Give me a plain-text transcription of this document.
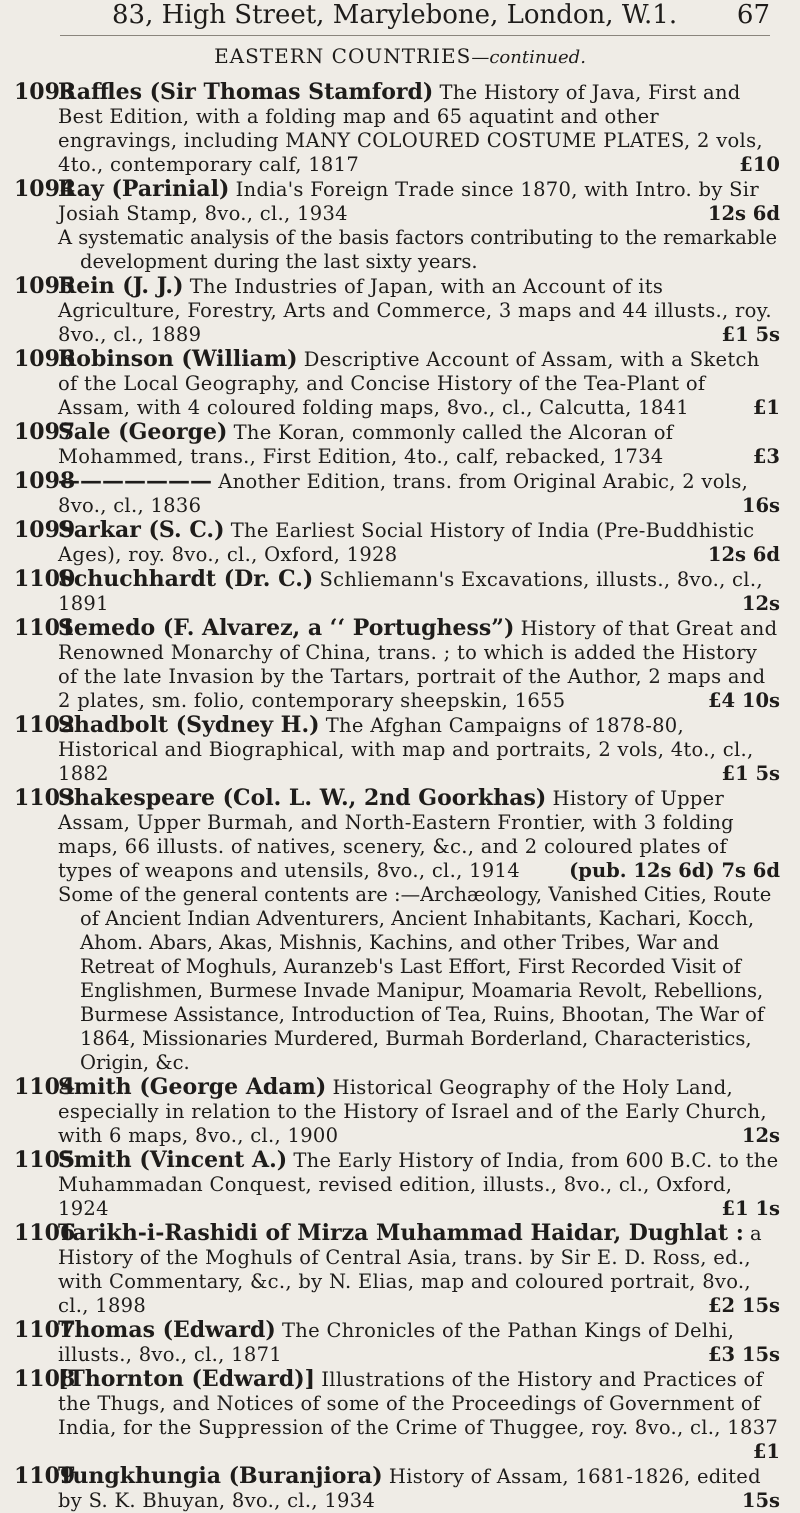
83, High Street, Marylebone, London, W.1. 67
EASTERN COUNTRIES—continued.
1093
Raffles (Sir Thomas Stamford) The History of Java, First and Best Edition, with a folding map and 65 aquatint and other engravings, including MANY COLOURED COSTUME PLATES, 2 vols, 4to., contemporary calf, 1817	£10
1094
Ray (Parinial) India's Foreign Trade since 1870, with Intro. by Sir Josiah Stamp, 8vo., cl., 1934	12s 6d
A systematic analysis of the basis factors contributing to the remarkable development during the last sixty years.
1095
Rein (J. J.) The Industries of Japan, with an Account of its Agriculture, Forestry, Arts and Commerce, 3 maps and 44 illusts., roy. 8vo., cl., 1889	£1 5s
1096
Robinson (William) Descriptive Account of Assam, with a Sketch of the Local Geography, and Concise History of the Tea-Plant of Assam, with 4 coloured folding maps, 8vo., cl., Calcutta, 1841	£1
1097
Sale (George) The Koran, commonly called the Alcoran of Mohammed, trans., First Edition, 4to., calf, rebacked, 1734	£3
1098
——————— Another Edition, trans. from Original Arabic, 2 vols, 8vo., cl., 1836	16s
1099
Sarkar (S. C.) The Earliest Social History of India (Pre-Buddhistic Ages), roy. 8vo., cl., Oxford, 1928	12s 6d
1100
Schuchhardt (Dr. C.) Schliemann's Excavations, illusts., 8vo., cl., 1891	12s
1101
Semedo (F. Alvarez, a ‘‘ Portughess”) History of that Great and Renowned Monarchy of China, trans. ; to which is added the History of the late Invasion by the Tartars, portrait of the Author, 2 maps and 2 plates, sm. folio, contemporary sheepskin, 1655	£4 10s
1102
Shadbolt (Sydney H.) The Afghan Campaigns of 1878-80, Historical and Biographical, with map and portraits, 2 vols, 4to., cl., 1882	£1 5s
1103
Shakespeare (Col. L. W., 2nd Goorkhas) History of Upper Assam, Upper Burmah, and North-Eastern Frontier, with 3 folding maps, 66 illusts. of natives, scenery, &c., and 2 coloured plates of types of weapons and utensils, 8vo., cl., 1914	(pub. 12s 6d) 7s 6d
Some of the general contents are :—Archæology, Vanished Cities, Route of Ancient Indian Adventurers, Ancient Inhabitants, Kachari, Kocch, Ahom. Abars, Akas, Mishnis, Kachins, and other Tribes, War and Retreat of Moghuls, Auranzeb's Last Effort, First Recorded Visit of Englishmen, Burmese Invade Manipur, Moamaria Revolt, Rebellions, Burmese Assistance, Introduction of Tea, Ruins, Bhootan, The War of 1864, Missionaries Murdered, Burmah Borderland, Characteristics, Origin, &c.
1104
Smith (George Adam) Historical Geography of the Holy Land, especially in relation to the History of Israel and of the Early Church, with 6 maps, 8vo., cl., 1900	12s
1105
Smith (Vincent A.) The Early History of India, from 600 B.C. to the Muhammadan Conquest, revised edition, illusts., 8vo., cl., Oxford, 1924	£1 1s
1106
Tarikh-i-Rashidi of Mirza Muhammad Haidar, Dughlat : a History of the Moghuls of Central Asia, trans. by Sir E. D. Ross, ed., with Commentary, &c., by N. Elias, map and coloured portrait, 8vo., cl., 1898	£2 15s
1107
Thomas (Edward) The Chronicles of the Pathan Kings of Delhi, illusts., 8vo., cl., 1871	£3 15s
1108
[Thornton (Edward)] Illustrations of the History and Practices of the Thugs, and Notices of some of the Proceedings of Government of India, for the Suppression of the Crime of Thuggee, roy. 8vo., cl., 1837
£1
1109
Tungkhungia (Buranjiora) History of Assam, 1681-1826, edited by S. K. Bhuyan, 8vo., cl., 1934	15s
